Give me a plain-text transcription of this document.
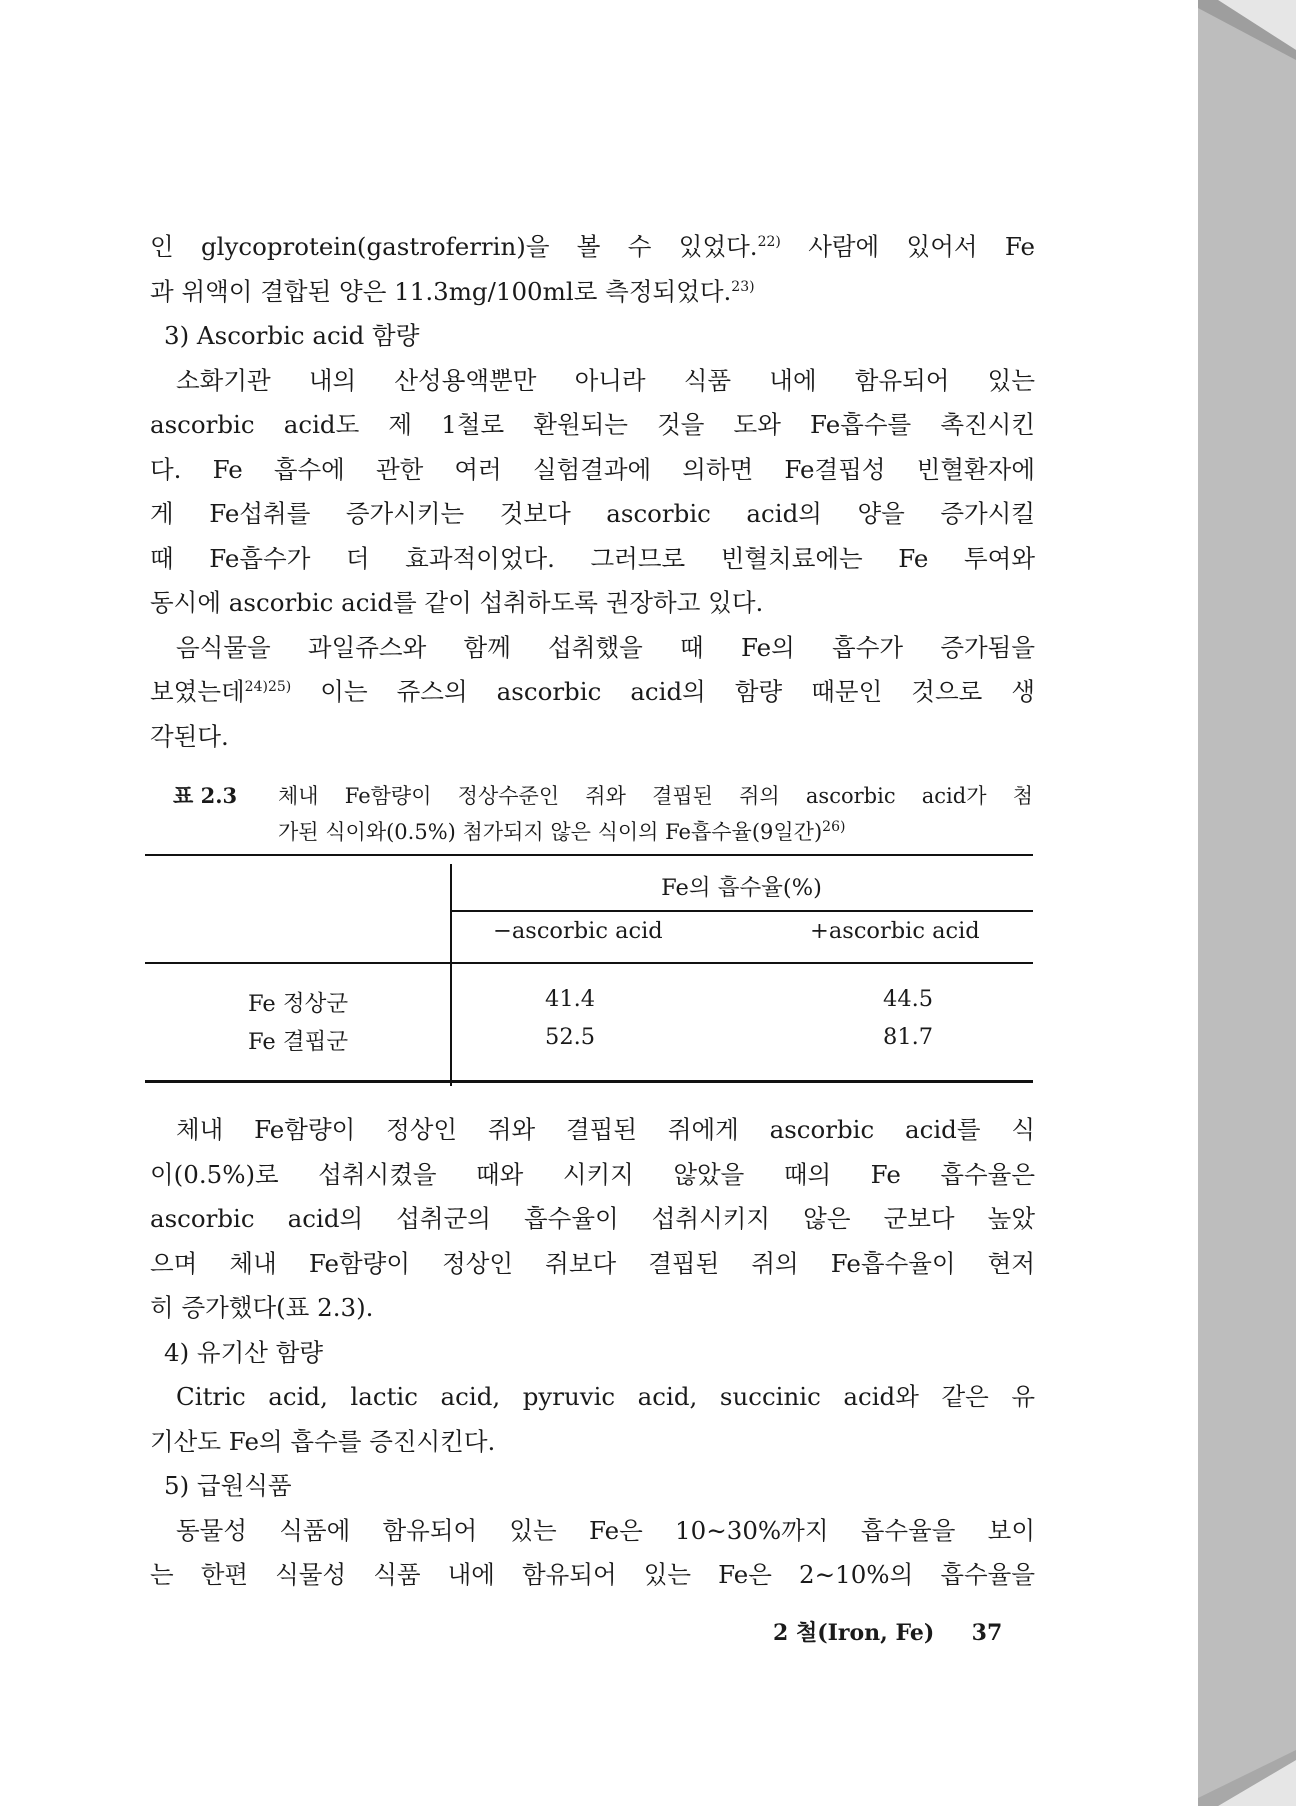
인 glycoprotein(gastroferrin)을 볼 수 있었다.$^{22)}$ 사람에 있어서 Fe
과 위액이 결합된 양은 11.3mg/100ml로 측정되었다.$^{23)}$
3) Ascorbic acid 함량
소화기관 내의 산성용액뿐만 아니라 식품 내에 함유되어 있는
ascorbic acid도 제 1철로 환원되는 것을 도와 Fe흡수를 촉진시킨
다. Fe 흡수에 관한 여러 실험결과에 의하면 Fe결핍성 빈혈환자에
게 Fe섭취를 증가시키는 것보다 ascorbic acid의 양을 증가시킬
때 Fe흡수가 더 효과적이었다. 그러므로 빈혈치료에는 Fe 투여와
동시에 ascorbic acid를 같이 섭취하도록 권장하고 있다.
음식물을 과일쥬스와 함께 섭취했을 때 Fe의 흡수가 증가됨을
보였는데$^{24)25)}$ 이는 쥬스의 ascorbic acid의 함량 때문인 것으로 생
각된다.
표 2.3	체내 Fe함량이 정상수준인 쥐와 결핍된 쥐의 ascorbic acid가 첨
가된 식이와(0.5%) 첨가되지 않은 식이의 Fe흡수율(9일간)$^{26)}$
Fe의 흡수율(%)
−ascorbic acid	+ascorbic acid
Fe 정상군	41.4	44.5
Fe 결핍군	52.5	81.7
체내 Fe함량이 정상인 쥐와 결핍된 쥐에게 ascorbic acid를 식
이(0.5%)로 섭취시켰을 때와 시키지 않았을 때의 Fe 흡수율은
ascorbic acid의 섭취군의 흡수율이 섭취시키지 않은 군보다 높았
으며 체내 Fe함량이 정상인 쥐보다 결핍된 쥐의 Fe흡수율이 현저
히 증가했다(표 2.3).
4) 유기산 함량
Citric acid, lactic acid, pyruvic acid, succinic acid와 같은 유
기산도 Fe의 흡수를 증진시킨다.
5) 급원식품
동물성 식품에 함유되어 있는 Fe은 10∼30%까지 흡수율을 보이
는 한편 식물성 식품 내에 함유되어 있는 Fe은 2∼10%의 흡수율을
2 철(Iron, Fe) 37
